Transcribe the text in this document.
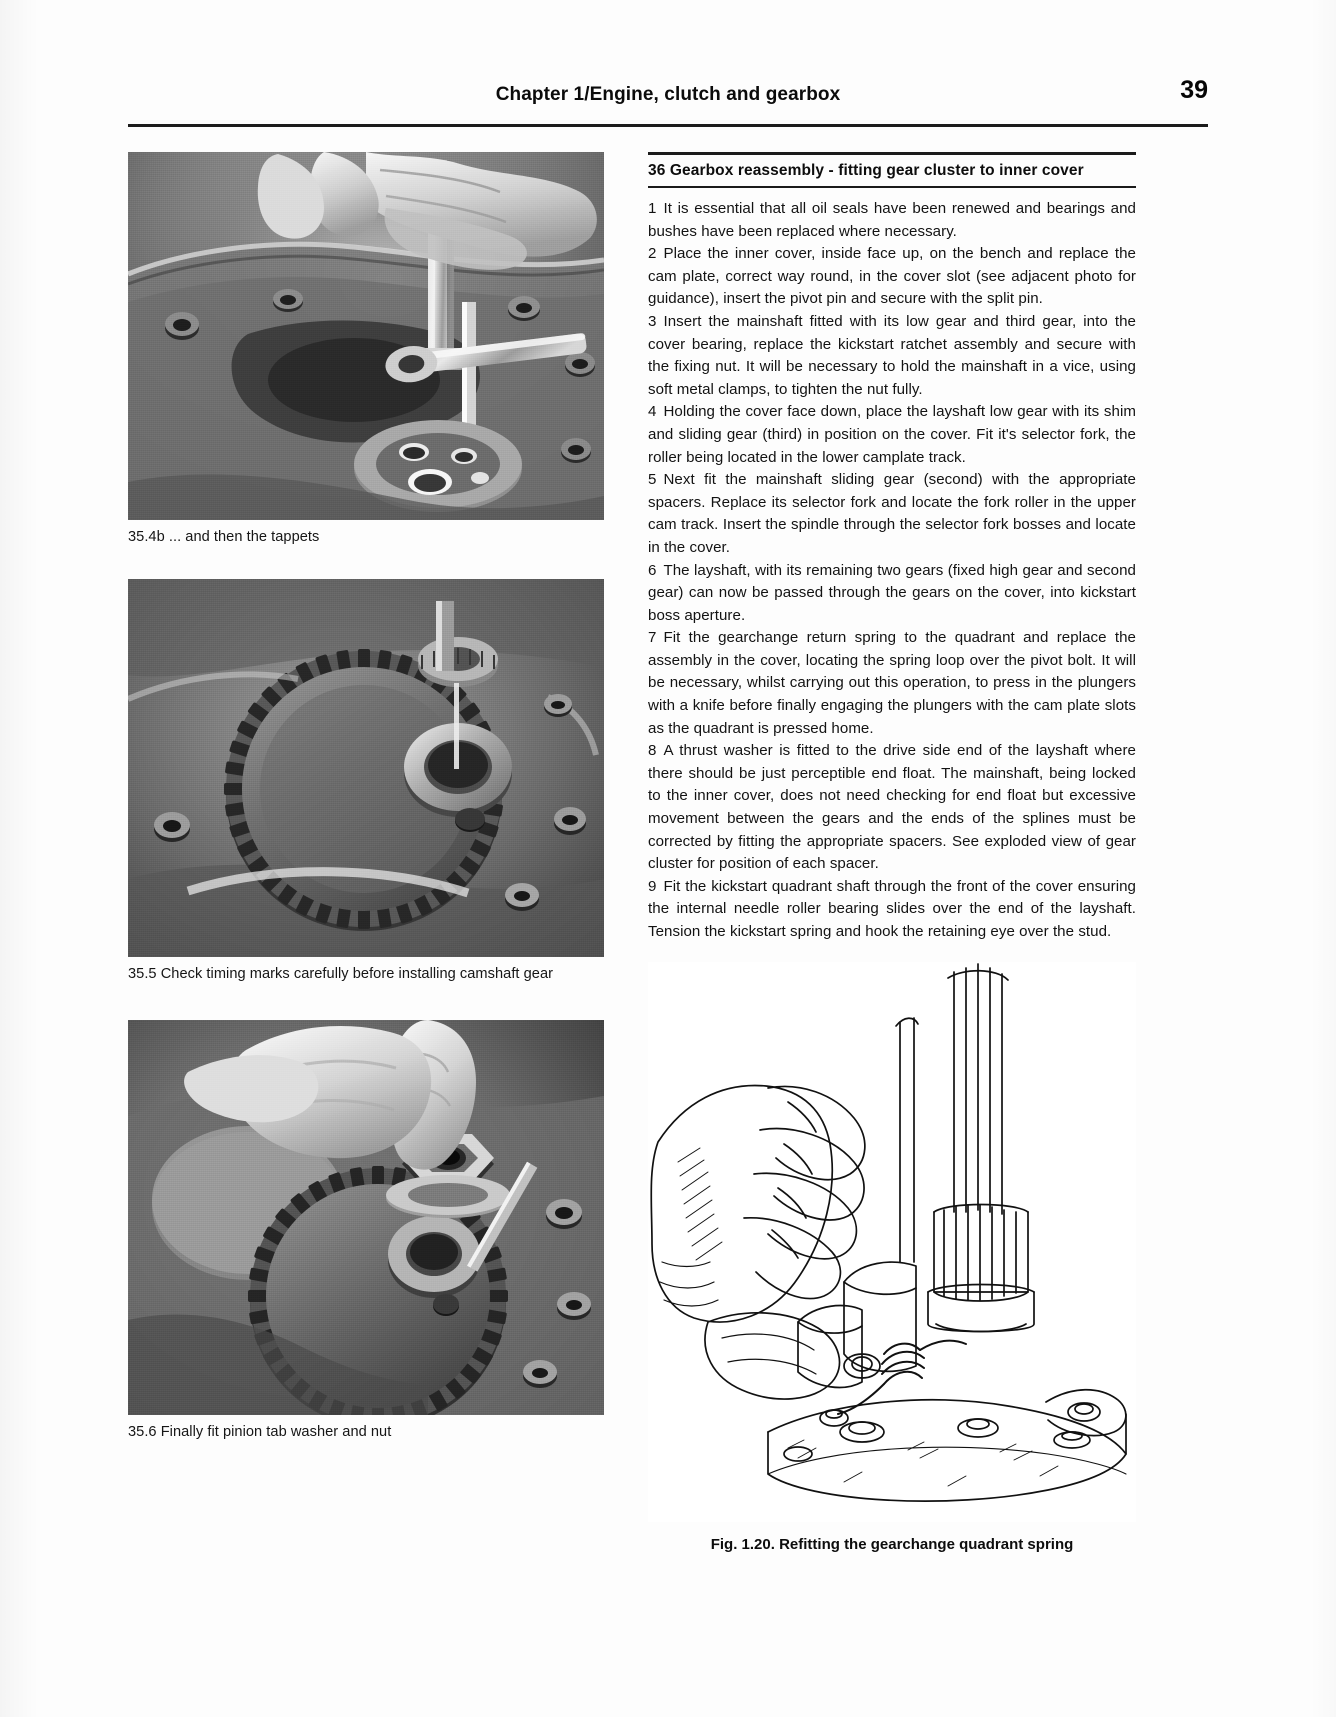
Chapter 1/Engine, clutch and gearbox	39
35.4b ... and then the tappets
35.5 Check timing marks carefully before installing camshaft gear
35.6 Finally fit pinion tab washer and nut
36 Gearbox reassembly - fitting gear cluster to inner cover

1 It is essential that all oil seals have been renewed and bearings and bushes have been replaced where necessary.

2 Place the inner cover, inside face up, on the bench and replace the cam plate, correct way round, in the cover slot (see adjacent photo for guidance), insert the pivot pin and secure with the split pin.

3 Insert the mainshaft fitted with its low gear and third gear, into the cover bearing, replace the kickstart ratchet assembly and secure with the fixing nut. It will be necessary to hold the mainshaft in a vice, using soft metal clamps, to tighten the nut fully.

4 Holding the cover face down, place the layshaft low gear with its shim and sliding gear (third) in position on the cover. Fit it's selector fork, the roller being located in the lower camplate track.

5 Next fit the mainshaft sliding gear (second) with the appropriate spacers. Replace its selector fork and locate the fork roller in the upper cam track. Insert the spindle through the selector fork bosses and locate in the cover.

6 The layshaft, with its remaining two gears (fixed high gear and second gear) can now be passed through the gears on the cover, into kickstart boss aperture.

7 Fit the gearchange return spring to the quadrant and replace the assembly in the cover, locating the spring loop over the pivot bolt. It will be necessary, whilst carrying out this operation, to press in the plungers with a knife before finally engaging the plungers with the cam plate slots as the quadrant is pressed home.

8 A thrust washer is fitted to the drive side end of the layshaft where there should be just perceptible end float. The mainshaft, being locked to the inner cover, does not need checking for end float but excessive movement between the gears and the ends of the splines must be corrected by fitting the appropriate spacers. See exploded view of gear cluster for position of each spacer.

9 Fit the kickstart quadrant shaft through the front of the cover ensuring the internal needle roller bearing slides over the end of the layshaft. Tension the kickstart spring and hook the retaining eye over the stud.

Fig. 1.20. Refitting the gearchange quadrant spring
